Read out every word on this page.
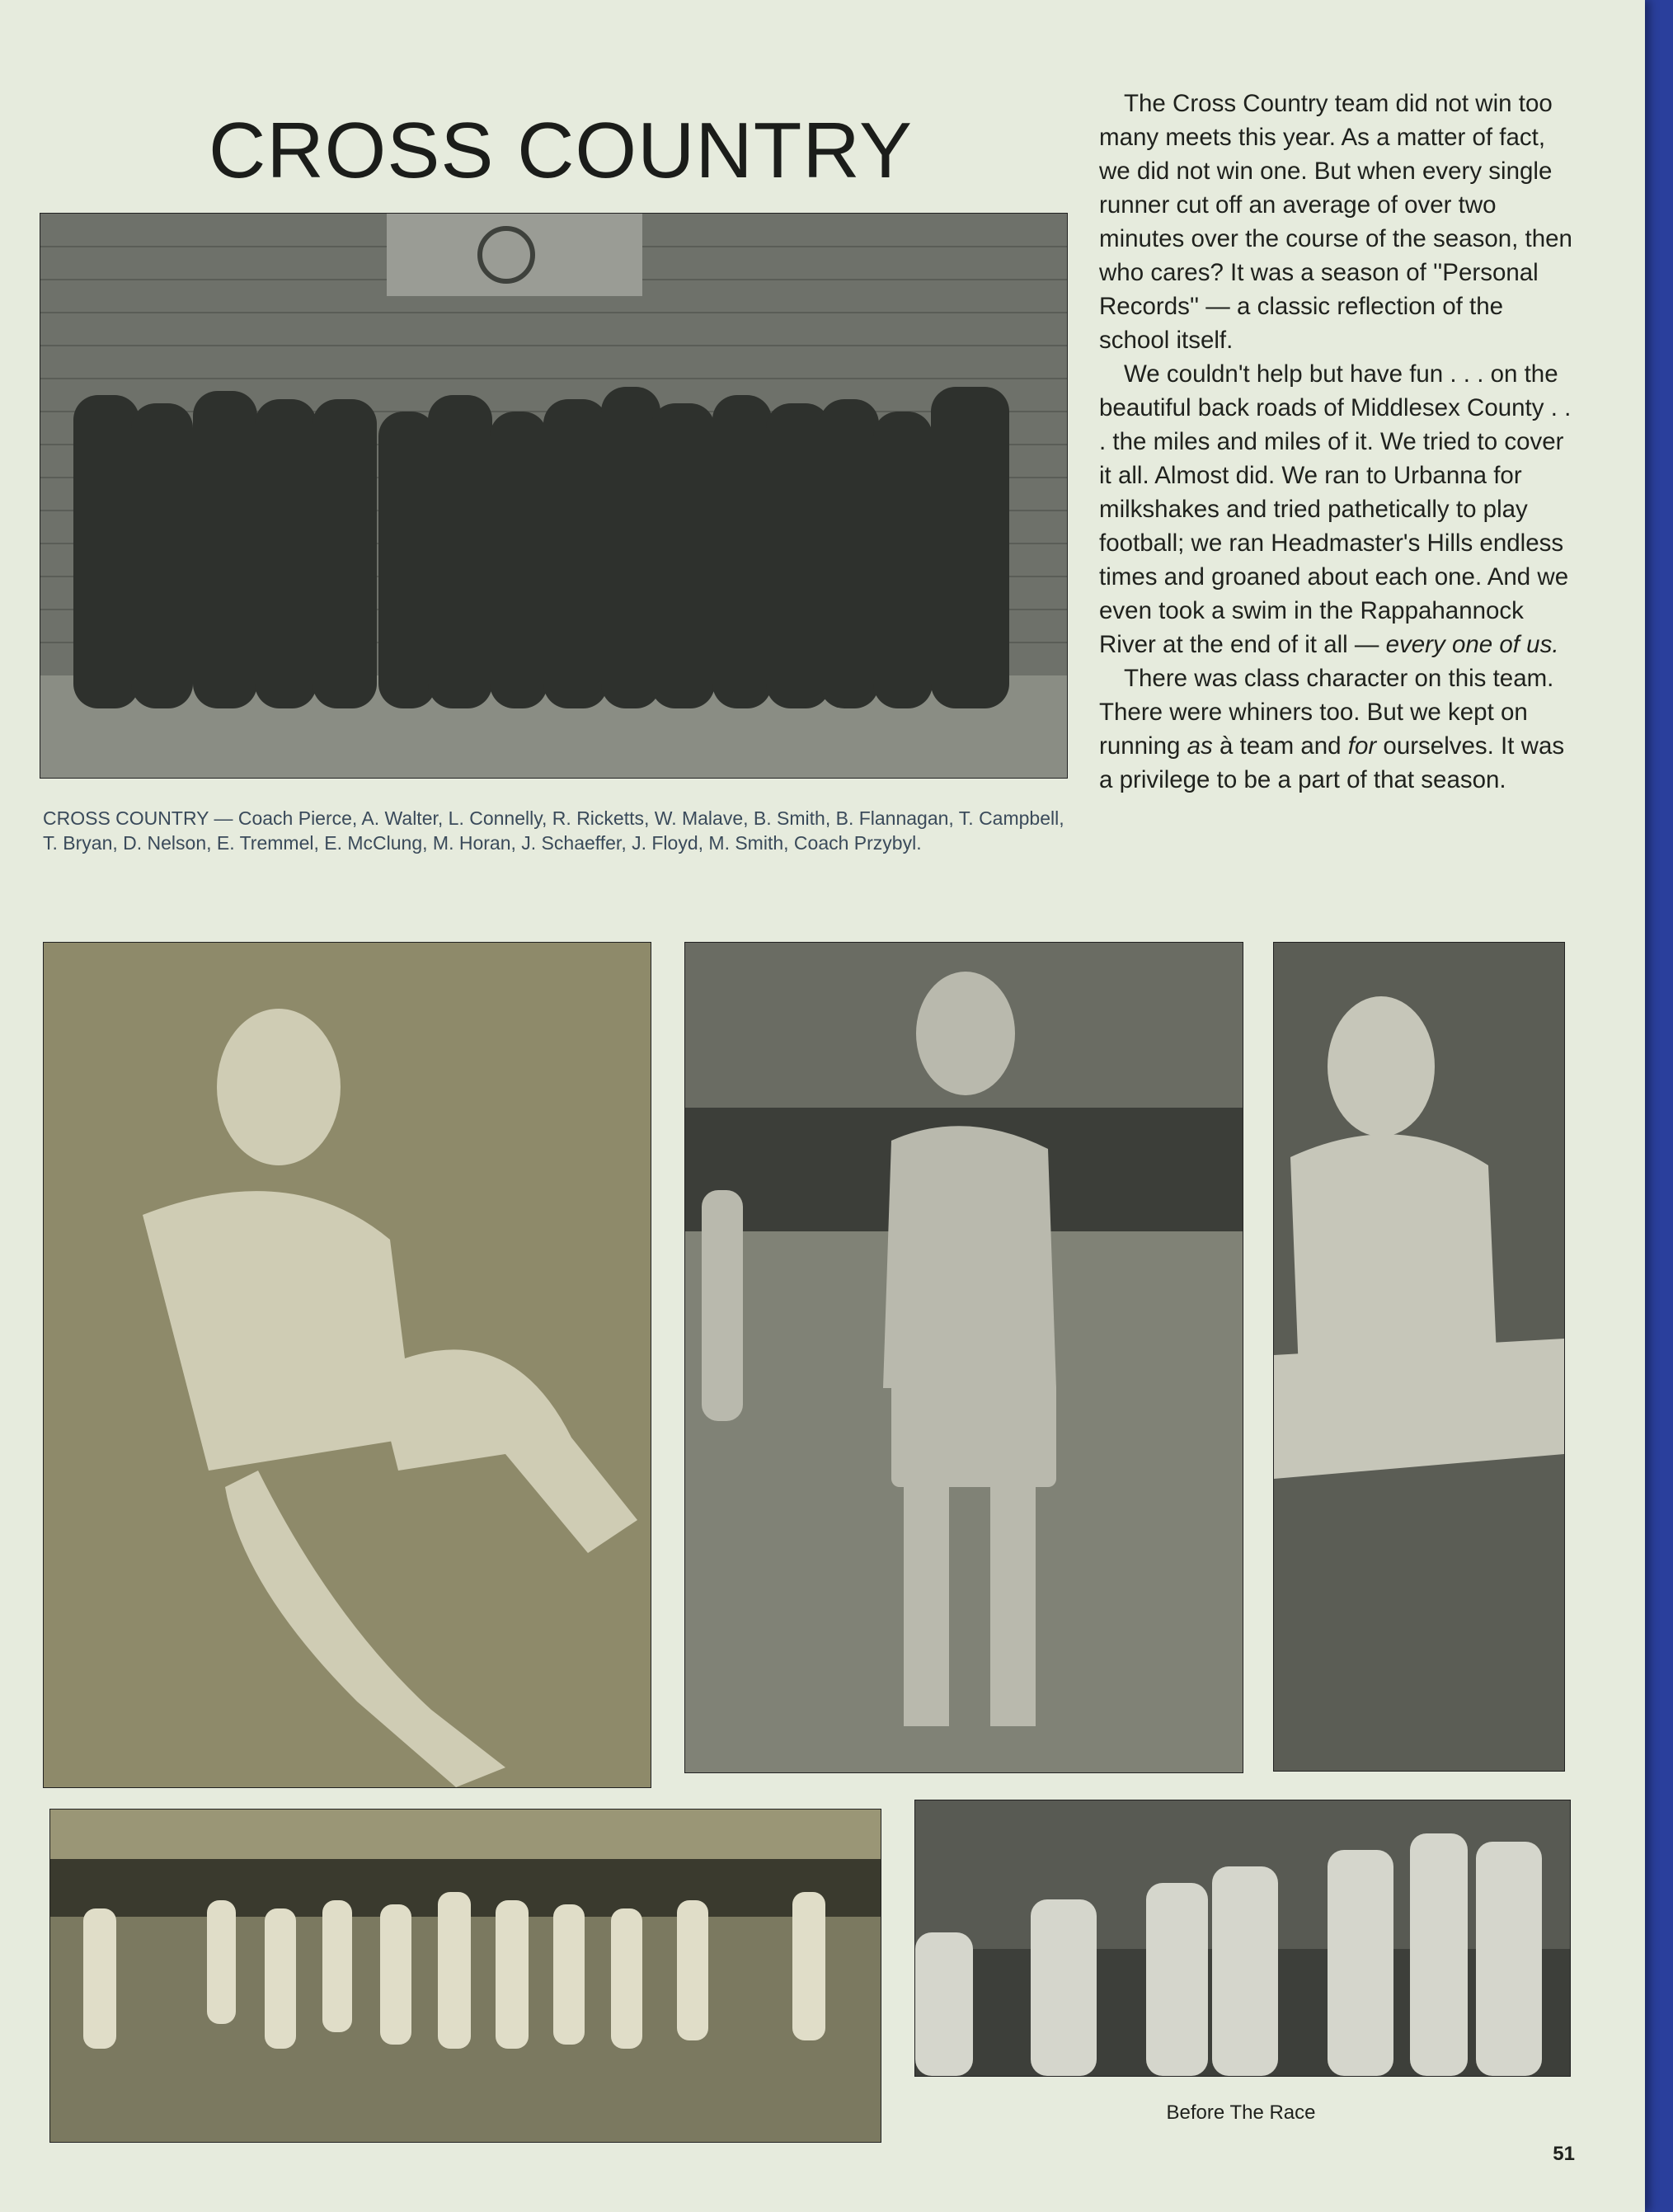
CROSS COUNTRY
CROSS COUNTRY — Coach Pierce, A. Walter, L. Connelly, R. Ricketts, W. Malave, B. Smith, B. Flannagan, T. Campbell, T. Bryan, D. Nelson, E. Tremmel, E. McClung, M. Horan, J. Schaeffer, J. Floyd, M. Smith, Coach Przybyl.

The Cross Country team did not win too many meets this year. As a matter of fact, we did not win one. But when every single runner cut off an average of over two minutes over the course of the season, then who cares? It was a season of ''Personal Records'' — a classic reflection of the school itself.

We couldn't help but have fun . . . on the beautiful back roads of Middlesex County . . . the miles and miles of it. We tried to cover it all. Almost did. We ran to Urbanna for milkshakes and tried pathetically to play football; we ran Headmaster's Hills endless times and groaned about each one. And we even took a swim in the Rappahannock River at the end of it all — every one of us.

There was class character on this team. There were whiners too. But we kept on running as à team and for ourselves. It was a privilege to be a part of that season.

Before The Race
51
